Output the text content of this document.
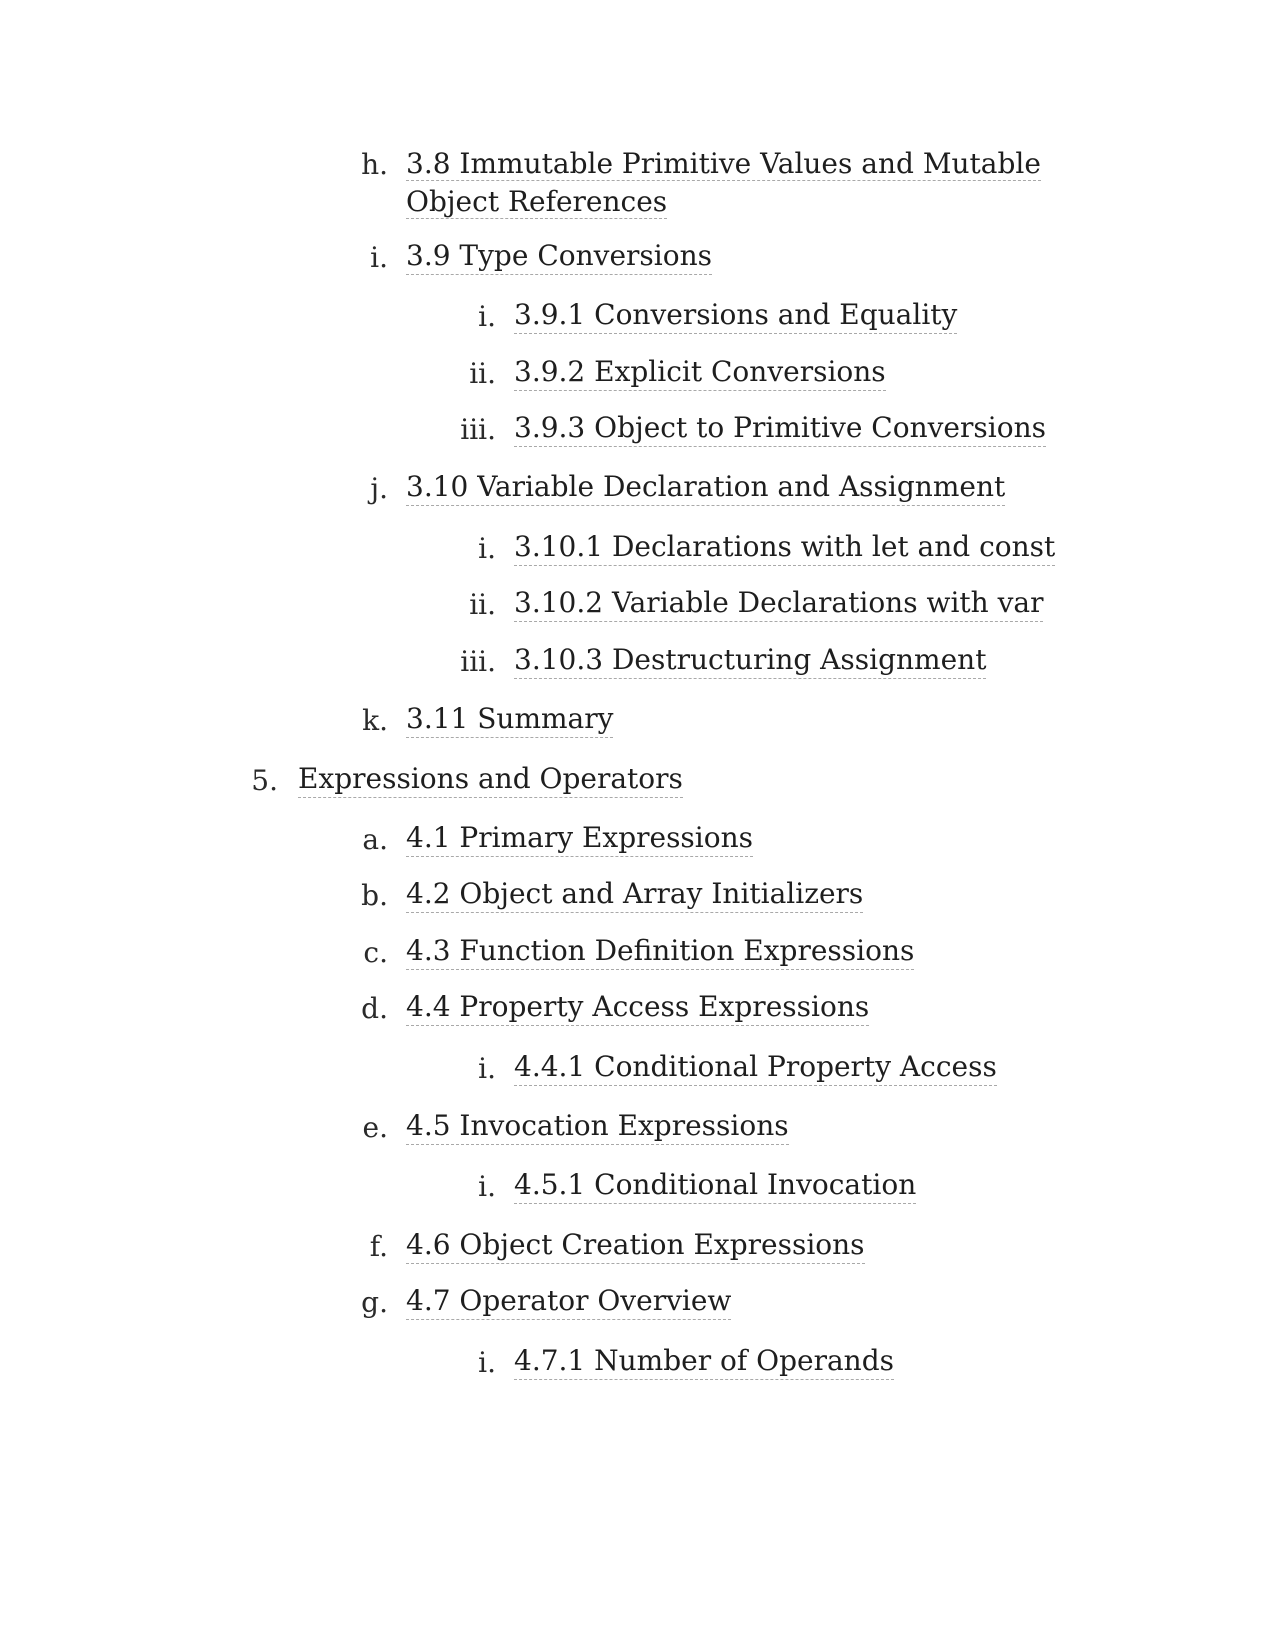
h. 3.8 Immutable Primitive Values and Mutable Object References
i. 3.9 Type Conversions
i. 3.9.1 Conversions and Equality
ii. 3.9.2 Explicit Conversions
iii. 3.9.3 Object to Primitive Conversions
j. 3.10 Variable Declaration and Assignment
i. 3.10.1 Declarations with let and const
ii. 3.10.2 Variable Declarations with var
iii. 3.10.3 Destructuring Assignment
k. 3.11 Summary
5. Expressions and Operators
a. 4.1 Primary Expressions
b. 4.2 Object and Array Initializers
c. 4.3 Function Definition Expressions
d. 4.4 Property Access Expressions
i. 4.4.1 Conditional Property Access
e. 4.5 Invocation Expressions
i. 4.5.1 Conditional Invocation
f. 4.6 Object Creation Expressions
g. 4.7 Operator Overview
i. 4.7.1 Number of Operands
